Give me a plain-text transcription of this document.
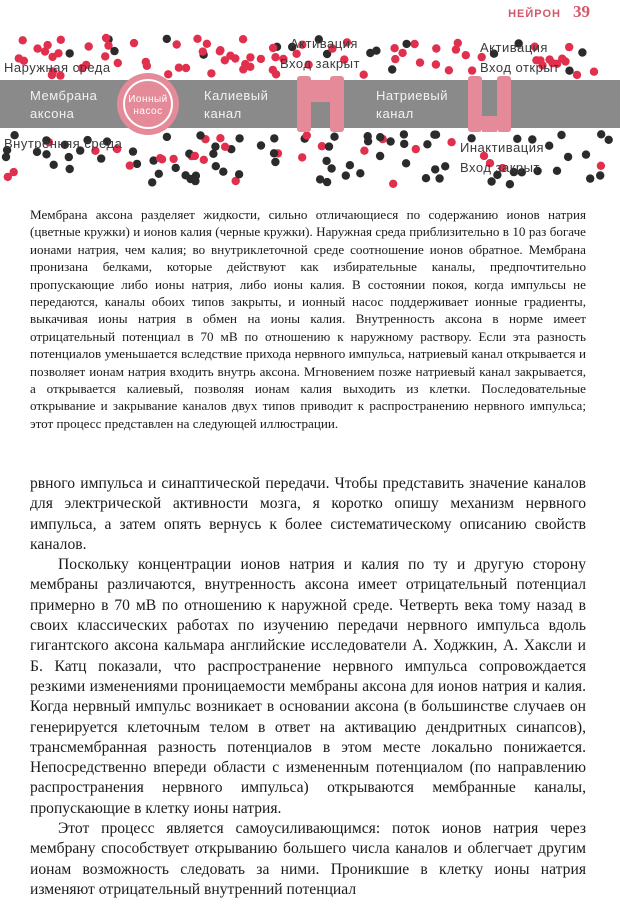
НЕЙРОН 39
Ионный
насос
Мембрана
аксона
Калиевый
канал
Натриевый
канал
Наружная среда
Внутренняя среда
Активация
Вход закрыт
Активация
Вход открыт
Инактивация
Вход закрыт

Мембрана аксона разделяет жидкости, сильно отличающиеся по содержанию ионов натрия (цветные кружки) и ионов калия (черные кружки). Наружная среда приблизительно в 10 раз богаче ионами натрия, чем калия; во внутриклеточной среде соотношение ионов обратное. Мембрана пронизана белками, которые действуют как избирательные каналы, предпочтительно пропускающие либо ионы натрия, либо ионы калия. В состоянии покоя, когда импульсы не передаются, каналы обоих типов закрыты, и ионный насос поддерживает ионные градиенты, выкачивая ионы натрия в обмен на ионы калия. Внутренность аксона в норме имеет отрицательный потенциал в 70 мВ по отношению к наружному раствору. Если эта разность потенциалов уменьшается вследствие прихода нервного импульса, натриевый канал открывается и позволяет ионам натрия входить внутрь аксона. Мгновением позже натриевый канал закрывается, а открывается калиевый, позволяя ионам калия выходить из клетки. Последовательные открывание и закрывание каналов двух типов приводит к распространению нервного импульса; этот процесс представлен на следующей иллюстрации.

рвного импульса и синаптической передачи. Чтобы представить значение каналов для электрической активности мозга, я коротко опишу механизм нервного импульса, а затем опять вернусь к более систематическому описанию свойств каналов.

Поскольку концентрации ионов натрия и калия по ту и другую сторону мембраны различаются, внутренность аксона имеет отрицательный потенциал примерно в 70 мВ по отношению к наружной среде. Четверть века тому назад в своих классических работах по изучению передачи нервного импульса вдоль гигантского аксона кальмара английские исследователи А. Ходжкин, А. Хаксли и Б. Катц показали, что распространение нервного импульса сопровождается резкими изменениями проницаемости мембраны аксона для ионов натрия и калия. Когда нервный импульс возникает в основании аксона (в большинстве случаев он генерируется клеточным телом в ответ на активацию дендритных синапсов), трансмембранная разность потенциалов в этом месте локально понижается. Непосредственно впереди области с измененным потенциалом (по направлению распространения нервного импульса) открываются мембранные каналы, пропускающие в клетку ионы натрия.

Этот процесс является самоусиливающимся: поток ионов натрия через мембрану способствует открыванию большего числа каналов и облегчает другим ионам возможность следовать за ними. Проникшие в клетку ионы натрия изменяют отрицательный внутренний потенциал
